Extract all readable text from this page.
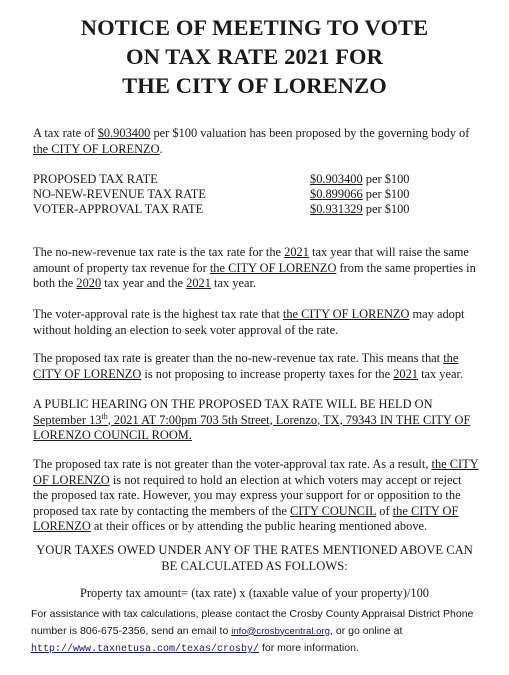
NOTICE OF MEETING TO VOTE
ON TAX RATE 2021 FOR
THE CITY OF LORENZO
A tax rate of $0.903400 per $100 valuation has been proposed by the governing body of the CITY OF LORENZO.
PROPOSED TAX RATE	$0.903400 per $100
NO-NEW-REVENUE TAX RATE	$0.899066 per $100
VOTER-APPROVAL TAX RATE	$0.931329 per $100
The no-new-revenue tax rate is the tax rate for the 2021 tax year that will raise the same amount of property tax revenue for the CITY OF LORENZO from the same properties in both the 2020 tax year and the 2021 tax year.
The voter-approval rate is the highest tax rate that the CITY OF LORENZO may adopt without holding an election to seek voter approval of the rate.
The proposed tax rate is greater than the no-new-revenue tax rate. This means that the CITY OF LORENZO is not proposing to increase property taxes for the 2021 tax year.
A PUBLIC HEARING ON THE PROPOSED TAX RATE WILL BE HELD ON September 13th, 2021 AT 7:00pm 703 5th Street, Lorenzo, TX, 79343 IN THE CITY OF LORENZO COUNCIL ROOM.
The proposed tax rate is not greater than the voter-approval tax rate. As a result, the CITY OF LORENZO is not required to hold an election at which voters may accept or reject the proposed tax rate. However, you may express your support for or opposition to the proposed tax rate by contacting the members of the CITY COUNCIL of the CITY OF LORENZO at their offices or by attending the public hearing mentioned above.
YOUR TAXES OWED UNDER ANY OF THE RATES MENTIONED ABOVE CAN
BE CALCULATED AS FOLLOWS:
Property tax amount= (tax rate) x (taxable value of your property)/100
For assistance with tax calculations, please contact the Crosby County Appraisal District Phone number is 806-675-2356, send an email to info@crosbycentral.org, or go online at http://www.taxnetusa.com/texas/crosby/ for more information.
